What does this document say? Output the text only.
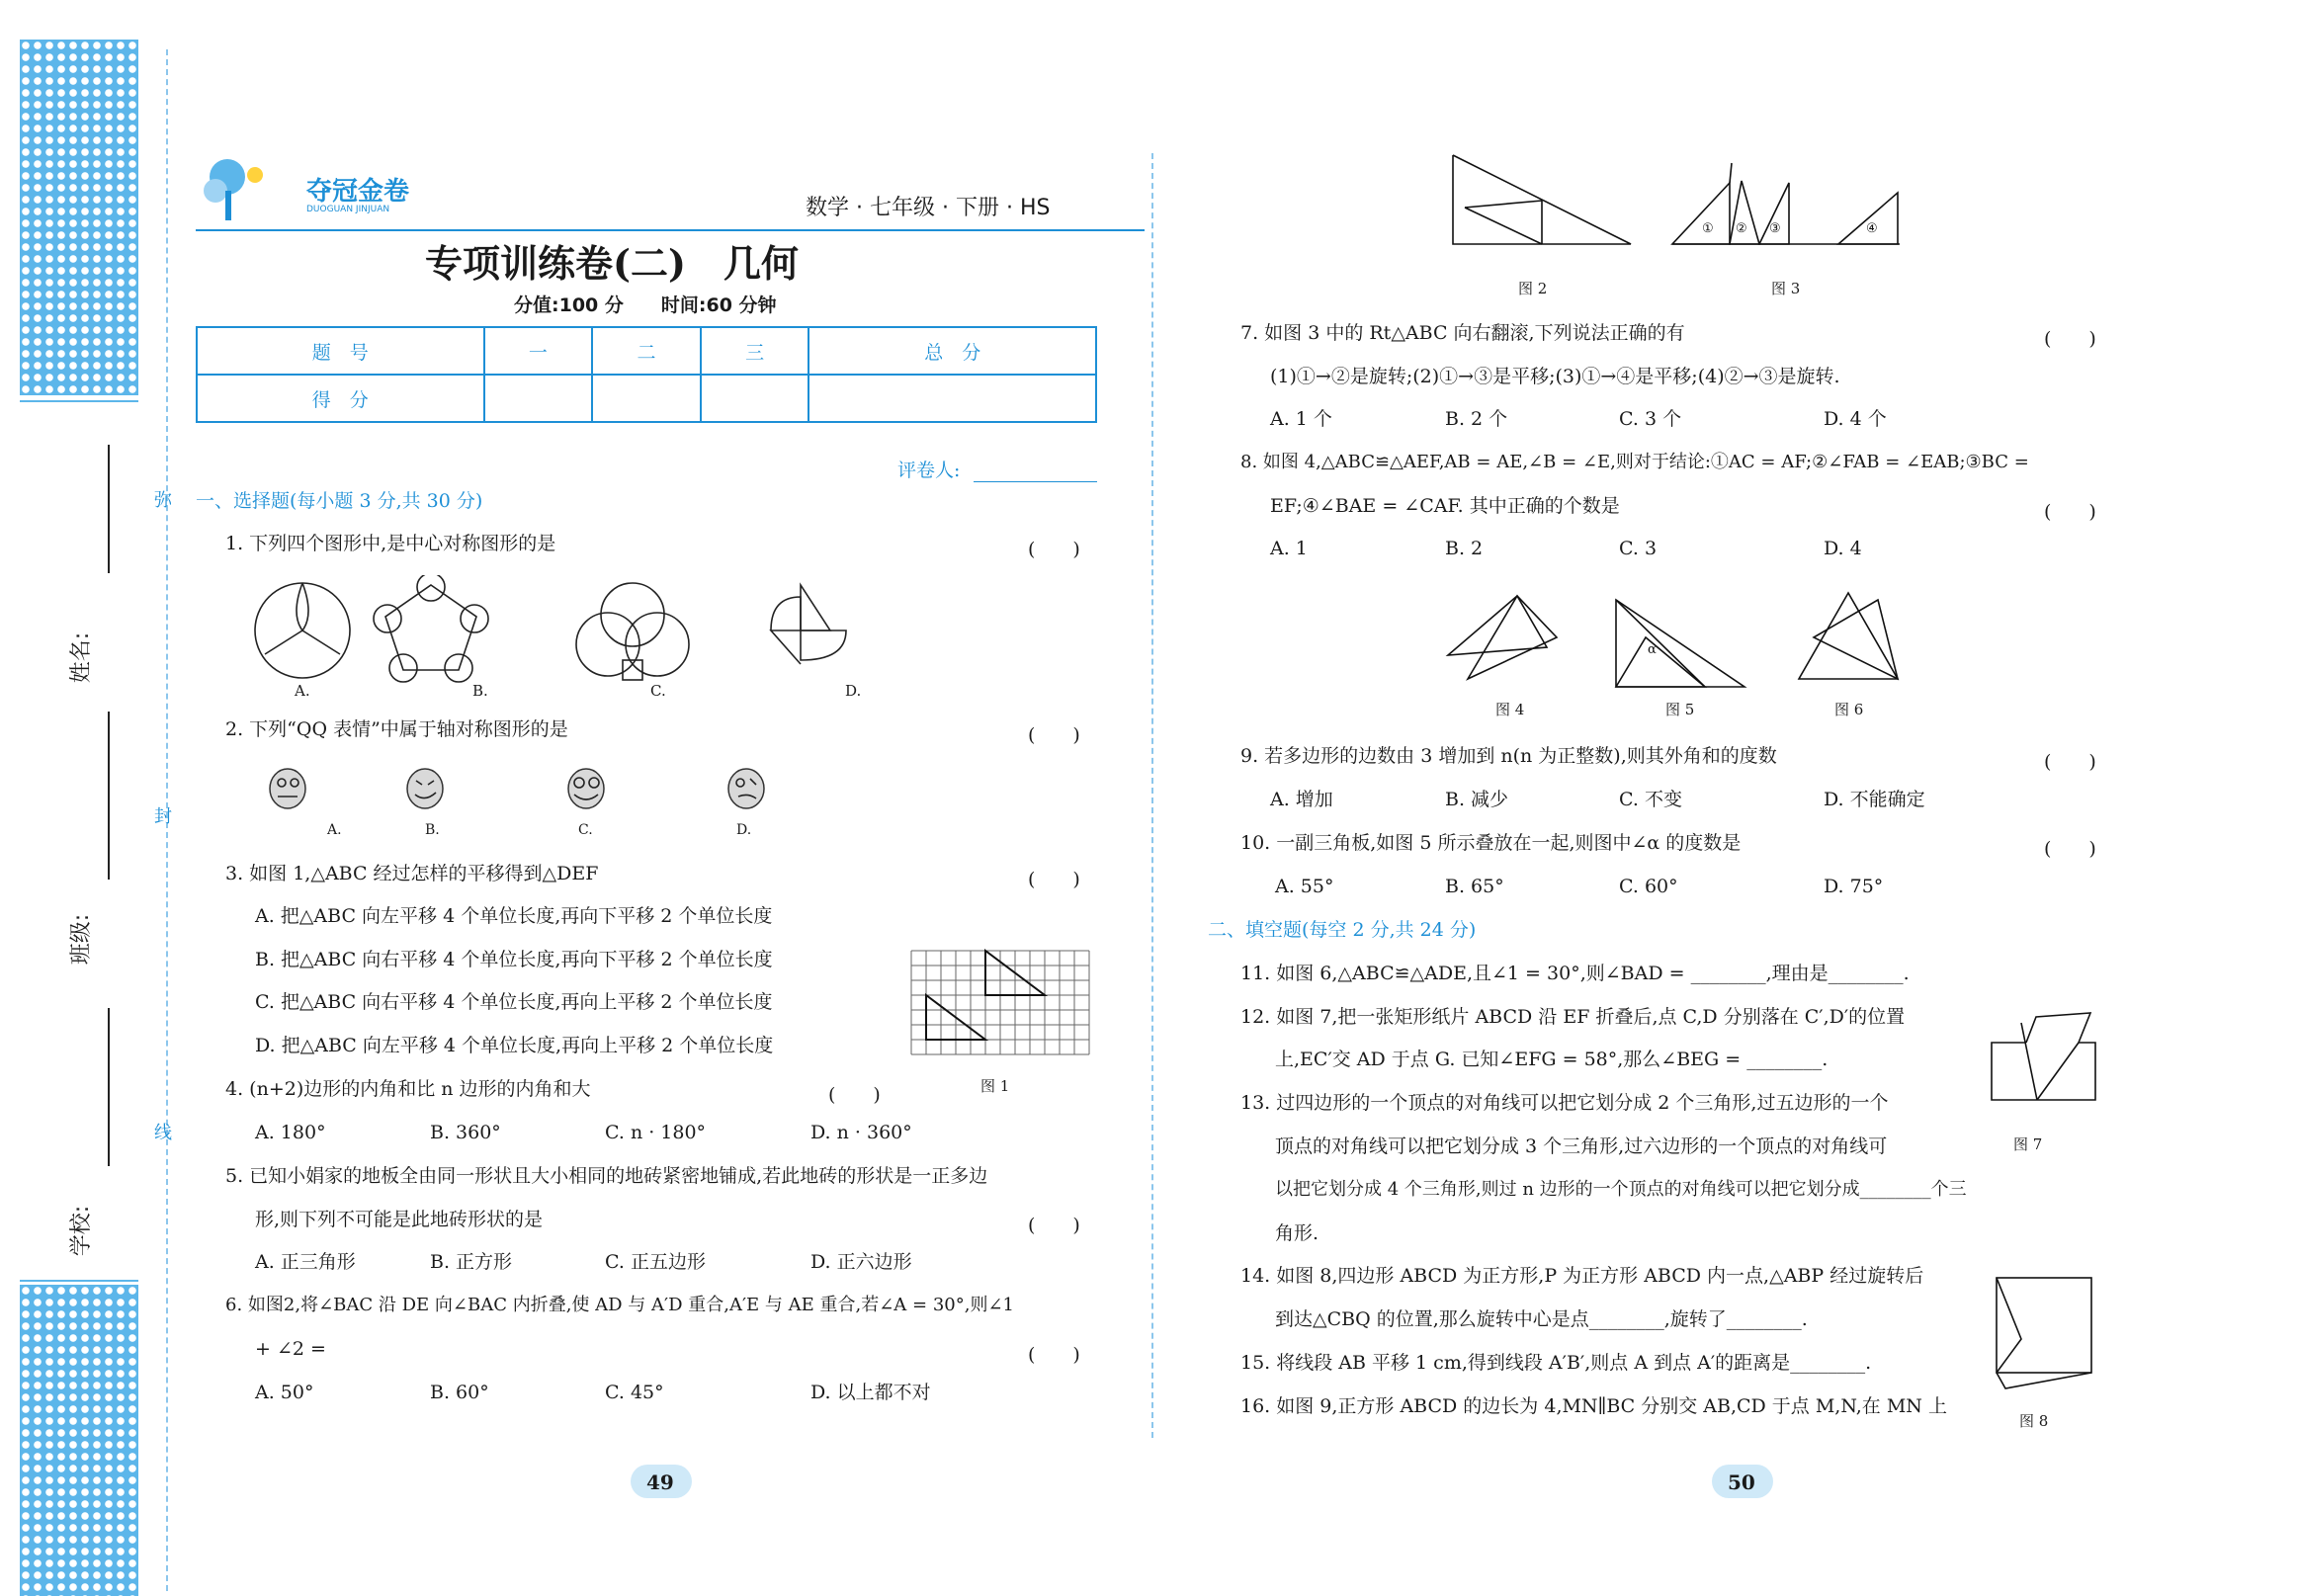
姓名:
班级:
学校:
弥
封
线
夺冠金卷
DUOGUAN JINJUAN	数学 · 七年级 · 下册 · HS
专项训练卷(二)　几何
分值:100 分　　时间:60 分钟
题　号	一	二	三	总　分
得　分				
评卷人:
一、选择题(每小题 3 分,共 30 分)
1. 下列四个图形中,是中心对称图形的是	(　　)
A.	B.	C.	D.
2. 下列“QQ 表情”中属于轴对称图形的是	(　　)
A.	B.	C.	D.
3. 如图 1,△ABC 经过怎样的平移得到△DEF	(　　)
A. 把△ABC 向左平移 4 个单位长度,再向下平移 2 个单位长度
B. 把△ABC 向右平移 4 个单位长度,再向下平移 2 个单位长度
C. 把△ABC 向右平移 4 个单位长度,再向上平移 2 个单位长度
D. 把△ABC 向左平移 4 个单位长度,再向上平移 2 个单位长度
图 1
4. (n+2)边形的内角和比 n 边形的内角和大	(　　)
A. 180°	B. 360°	C. n · 180°	D. n · 360°
5. 已知小娟家的地板全由同一形状且大小相同的地砖紧密地铺成,若此地砖的形状是一正多边
形,则下列不可能是此地砖形状的是	(　　)
A. 正三角形	B. 正方形	C. 正五边形	D. 正六边形
6. 如图2,将∠BAC 沿 DE 向∠BAC 内折叠,使 AD 与 A′D 重合,A′E 与 AE 重合,若∠A = 30°,则∠1
+ ∠2 =	(　　)
A. 50°	B. 60°	C. 45°	D. 以上都不对
49
图 2
① ② ③	④
图 3
7. 如图 3 中的 Rt△ABC 向右翻滚,下列说法正确的有	(　　)
(1)①→②是旋转;(2)①→③是平移;(3)①→④是平移;(4)②→③是旋转.
A. 1 个	B. 2 个	C. 3 个	D. 4 个
8. 如图 4,△ABC≌△AEF,AB = AE,∠B = ∠E,则对于结论:①AC = AF;②∠FAB = ∠EAB;③BC =
EF;④∠BAE = ∠CAF. 其中正确的个数是	(　　)
A. 1	B. 2	C. 3	D. 4
图 4
α
图 5	图 6
9. 若多边形的边数由 3 增加到 n(n 为正整数),则其外角和的度数	(　　)
A. 增加	B. 减少	C. 不变	D. 不能确定
10. 一副三角板,如图 5 所示叠放在一起,则图中∠α 的度数是	(　　)
A. 55°	B. 65°	C. 60°	D. 75°
二、填空题(每空 2 分,共 24 分)
11. 如图 6,△ABC≌△ADE,且∠1 = 30°,则∠BAD = ________,理由是________.
12. 如图 7,把一张矩形纸片 ABCD 沿 EF 折叠后,点 C,D 分别落在 C′,D′的位置
上,EC′交 AD 于点 G. 已知∠EFG = 58°,那么∠BEG = ________.
图 7
13. 过四边形的一个顶点的对角线可以把它划分成 2 个三角形,过五边形的一个
顶点的对角线可以把它划分成 3 个三角形,过六边形的一个顶点的对角线可
以把它划分成 4 个三角形,则过 n 边形的一个顶点的对角线可以把它划分成________个三
角形.
14. 如图 8,四边形 ABCD 为正方形,P 为正方形 ABCD 内一点,△ABP 经过旋转后
到达△CBQ 的位置,那么旋转中心是点________,旋转了________.
图 8
15. 将线段 AB 平移 1 cm,得到线段 A′B′,则点 A 到点 A′的距离是________.
16. 如图 9,正方形 ABCD 的边长为 4,MN∥BC 分别交 AB,CD 于点 M,N,在 MN 上
50
